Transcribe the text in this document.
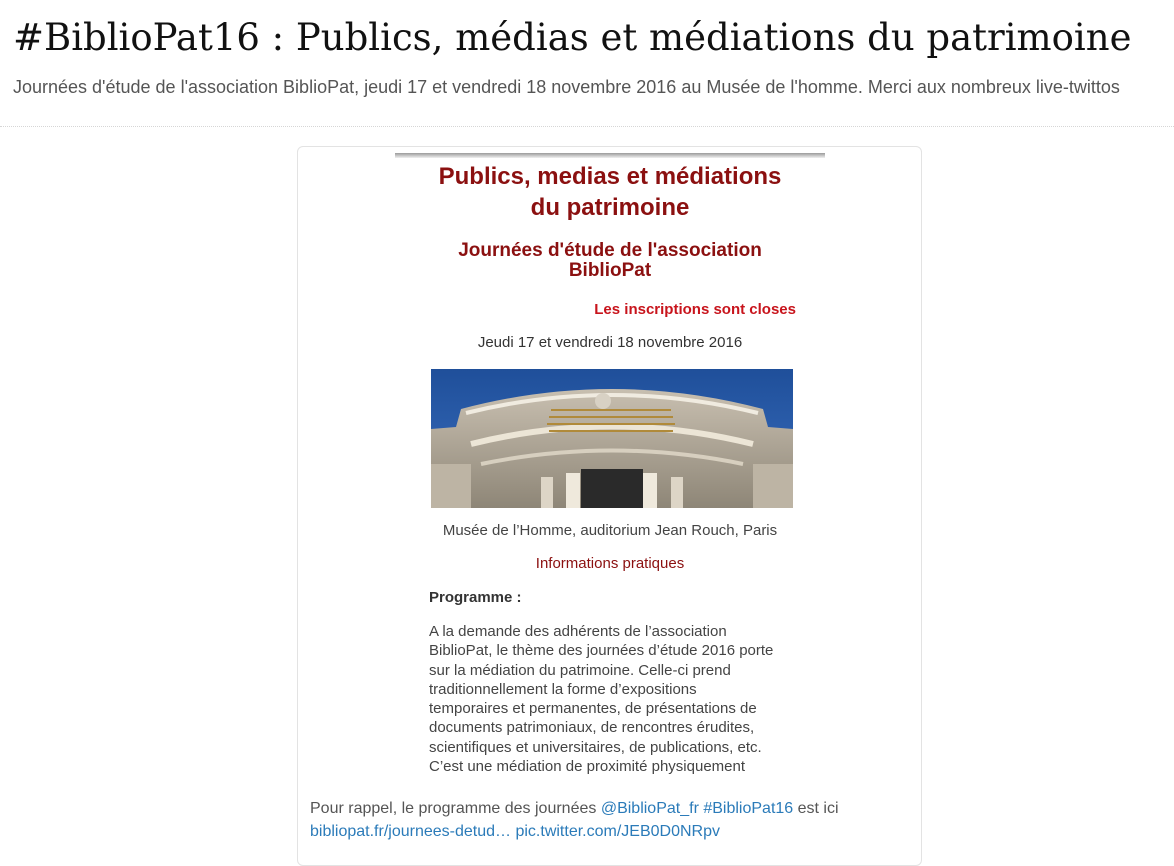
#BiblioPat16 : Publics, médias et médiations du patrimoine

Journées d'étude de l'association BiblioPat, jeudi 17 et vendredi 18 novembre 2016 au Musée de l'homme. Merci aux nombreux live-twittos

Publics, medias et médiations
du patrimoine
Journées d'étude de l'association
BiblioPat
Les inscriptions sont closes
Jeudi 17 et vendredi 18 novembre 2016
Musée de l’Homme, auditorium Jean Rouch, Paris
Informations pratiques
Programme :

A la demande des adhérents de l’association
BiblioPat, le thème des journées d’étude 2016 porte
sur la médiation du patrimoine. Celle-ci prend
traditionnellement la forme d’expositions
temporaires et permanentes, de présentations de
documents patrimoniaux, de rencontres érudites,
scientifiques et universitaires, de publications, etc.
C’est une médiation de proximité physiquement

Pour rappel, le programme des journées @BiblioPat_fr #BiblioPat16 est ici
bibliopat.fr/journees-detud… pic.twitter.com/JEB0D0NRpv
